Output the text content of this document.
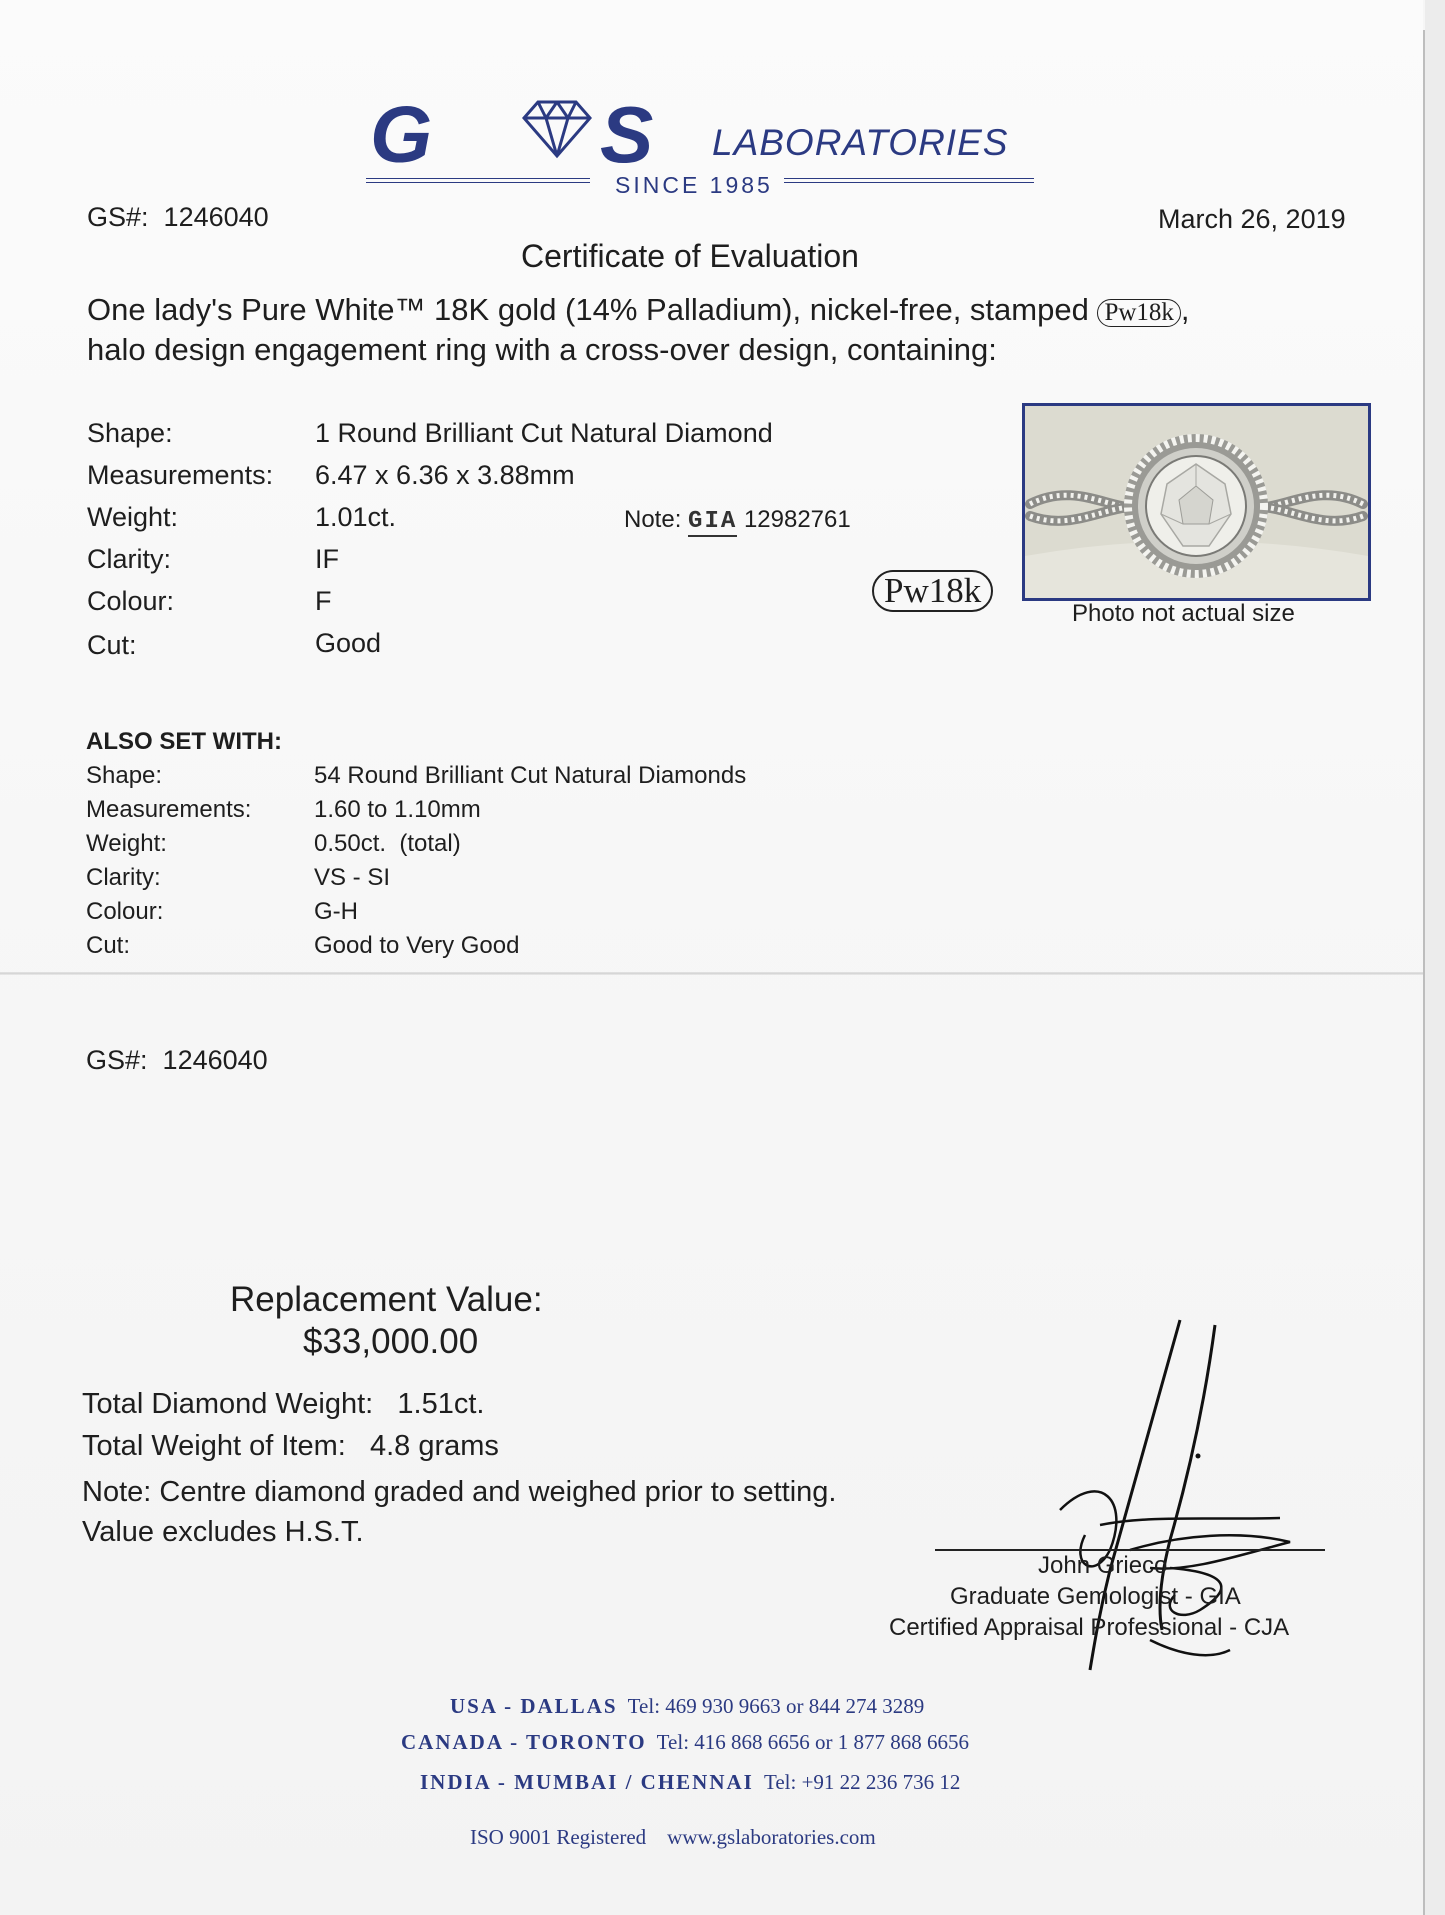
G S LABORATORIES
SINCE 1985
GS#: 1246040	March 26, 2019
Certificate of Evaluation
One lady's Pure White™ 18K gold (14% Palladium), nickel-free, stamped Pw18k ,
halo design engagement ring with a cross-over design, containing:
Shape:	1 Round Brilliant Cut Natural Diamond
Measurements: 6.47 x 6.36 x 3.88mm
Weight:	1.01ct.
Clarity:	IF
Colour:	F
Cut:	Good
Note: GIA 12982761
Pw18k
Photo not actual size
ALSO SET WITH:
Shape:	54 Round Brilliant Cut Natural Diamonds
Measurements:	1.60 to 1.10mm
Weight:	0.50ct.  (total)
Clarity:	VS - SI
Colour:	G-H
Cut:	Good to Very Good
GS#: 1246040
Replacement Value:
$33,000.00
Total Diamond Weight: 1.51ct.
Total Weight of Item: 4.8 grams
Note: Centre diamond graded and weighed prior to setting.
Value excludes H.S.T.
John Grieco
Graduate Gemologist - GIA
Certified Appraisal Professional - CJA
USA - DALLAS Tel: 469 930 9663 or 844 274 3289
CANADA - TORONTO Tel: 416 868 6656 or 1 877 868 6656
INDIA - MUMBAI / CHENNAI Tel: +91 22 236 736 12
ISO 9001 Registered www.gslaboratories.com
